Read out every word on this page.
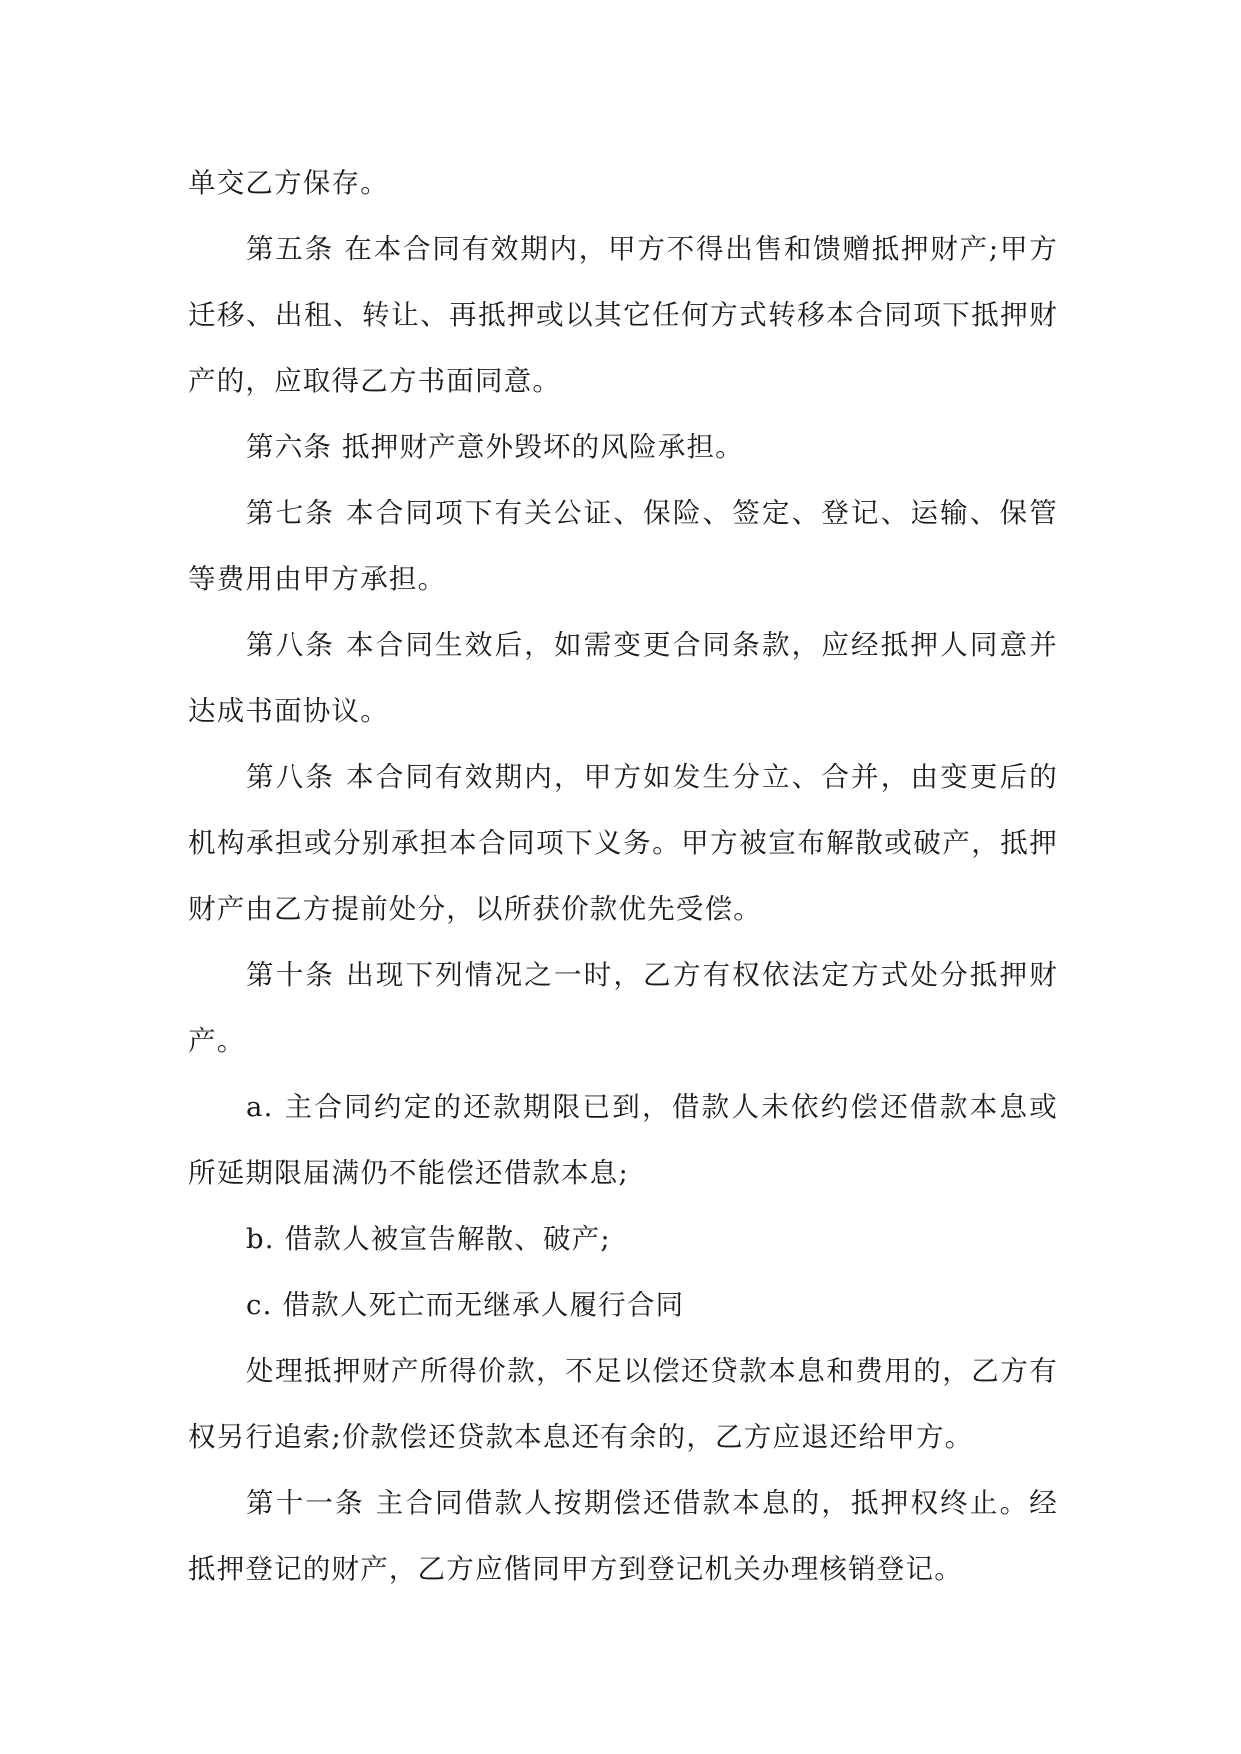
单交乙方保存。

第五条 在本合同有效期内，甲方不得出售和馈赠抵押财产;甲方迁移、出租、转让、再抵押或以其它任何方式转移本合同项下抵押财产的，应取得乙方书面同意。

第六条 抵押财产意外毁坏的风险承担。

第七条 本合同项下有关公证、保险、签定、登记、运输、保管等费用由甲方承担。

第八条 本合同生效后，如需变更合同条款，应经抵押人同意并达成书面协议。

第八条 本合同有效期内，甲方如发生分立、合并，由变更后的机构承担或分别承担本合同项下义务。甲方被宣布解散或破产，抵押财产由乙方提前处分，以所获价款优先受偿。

第十条 出现下列情况之一时，乙方有权依法定方式处分抵押财产。

a. 主合同约定的还款期限已到，借款人未依约偿还借款本息或所延期限届满仍不能偿还借款本息;

b. 借款人被宣告解散、破产;

c. 借款人死亡而无继承人履行合同

处理抵押财产所得价款，不足以偿还贷款本息和费用的，乙方有权另行追索;价款偿还贷款本息还有余的，乙方应退还给甲方。

第十一条 主合同借款人按期偿还借款本息的，抵押权终止。经抵押登记的财产，乙方应偕同甲方到登记机关办理核销登记。
